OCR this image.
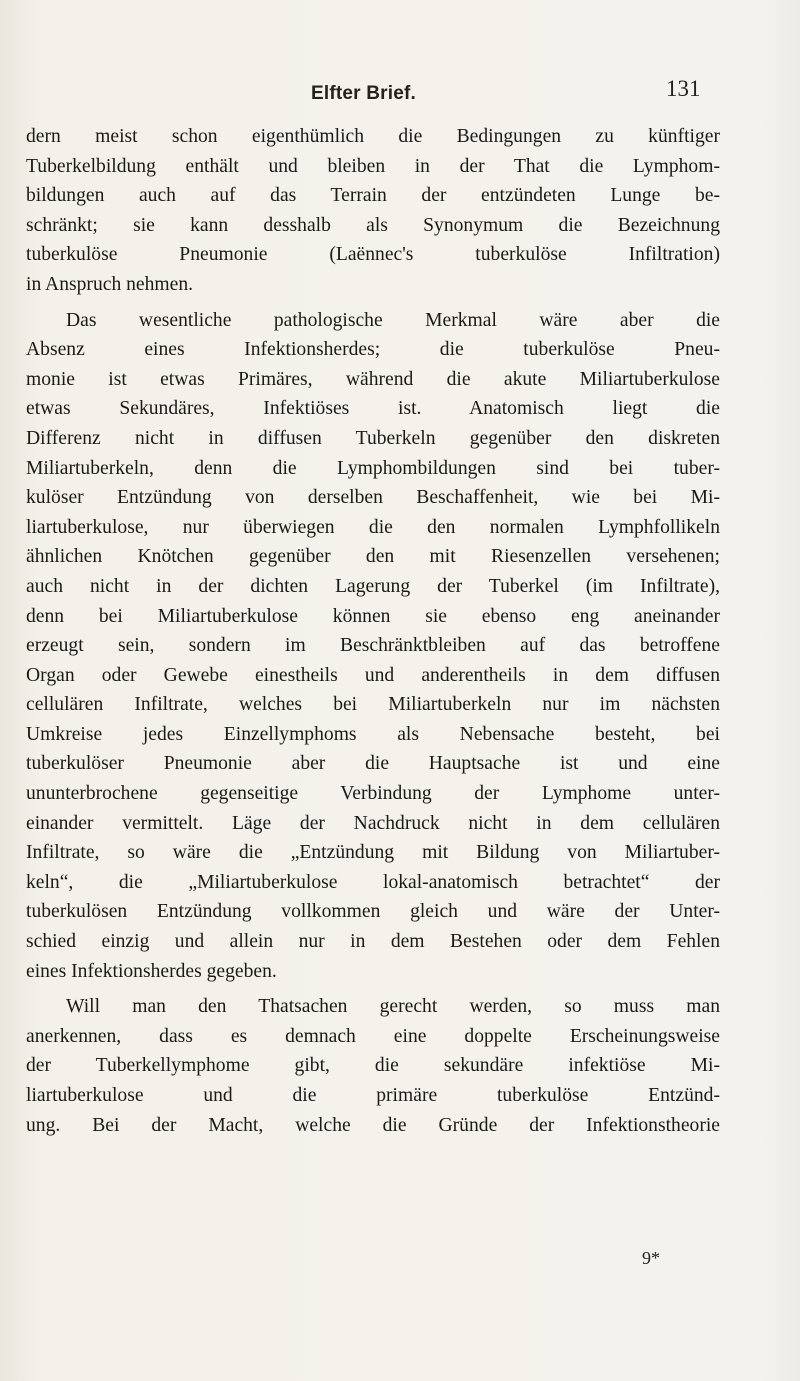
Elfter Brief.	131
dern meist schon eigenthümlich die Bedingungen zu künftiger
Tuberkelbildung enthält und bleiben in der That die Lymphom-
bildungen auch auf das Terrain der entzündeten Lunge be-
schränkt; sie kann desshalb als Synonymum die Bezeichnung
tuberkulöse Pneumonie (Laënnec's tuberkulöse Infiltration)
in Anspruch nehmen.
Das wesentliche pathologische Merkmal wäre aber die
Absenz eines Infektionsherdes; die tuberkulöse Pneu-
monie ist etwas Primäres, während die akute Miliartuberkulose
etwas Sekundäres, Infektiöses ist. Anatomisch liegt die
Differenz nicht in diffusen Tuberkeln gegenüber den diskreten
Miliartuberkeln, denn die Lymphombildungen sind bei tuber-
kulöser Entzündung von derselben Beschaffenheit, wie bei Mi-
liartuberkulose, nur überwiegen die den normalen Lymphfollikeln
ähnlichen Knötchen gegenüber den mit Riesenzellen versehenen;
auch nicht in der dichten Lagerung der Tuberkel (im Infiltrate),
denn bei Miliartuberkulose können sie ebenso eng aneinander
erzeugt sein, sondern im Beschränktbleiben auf das betroffene
Organ oder Gewebe einestheils und anderentheils in dem diffusen
cellulären Infiltrate, welches bei Miliartuberkeln nur im nächsten
Umkreise jedes Einzellymphoms als Nebensache besteht, bei
tuberkulöser Pneumonie aber die Hauptsache ist und eine
ununterbrochene gegenseitige Verbindung der Lymphome unter-
einander vermittelt. Läge der Nachdruck nicht in dem cellulären
Infiltrate, so wäre die „Entzündung mit Bildung von Miliartuber-
keln“, die „Miliartuberkulose lokal-anatomisch betrachtet“ der
tuberkulösen Entzündung vollkommen gleich und wäre der Unter-
schied einzig und allein nur in dem Bestehen oder dem Fehlen
eines Infektionsherdes gegeben.
Will man den Thatsachen gerecht werden, so muss man
anerkennen, dass es demnach eine doppelte Erscheinungsweise
der Tuberkellymphome gibt, die sekundäre infektiöse Mi-
liartuberkulose und die primäre tuberkulöse Entzünd-
ung. Bei der Macht, welche die Gründe der Infektionstheorie
9*
